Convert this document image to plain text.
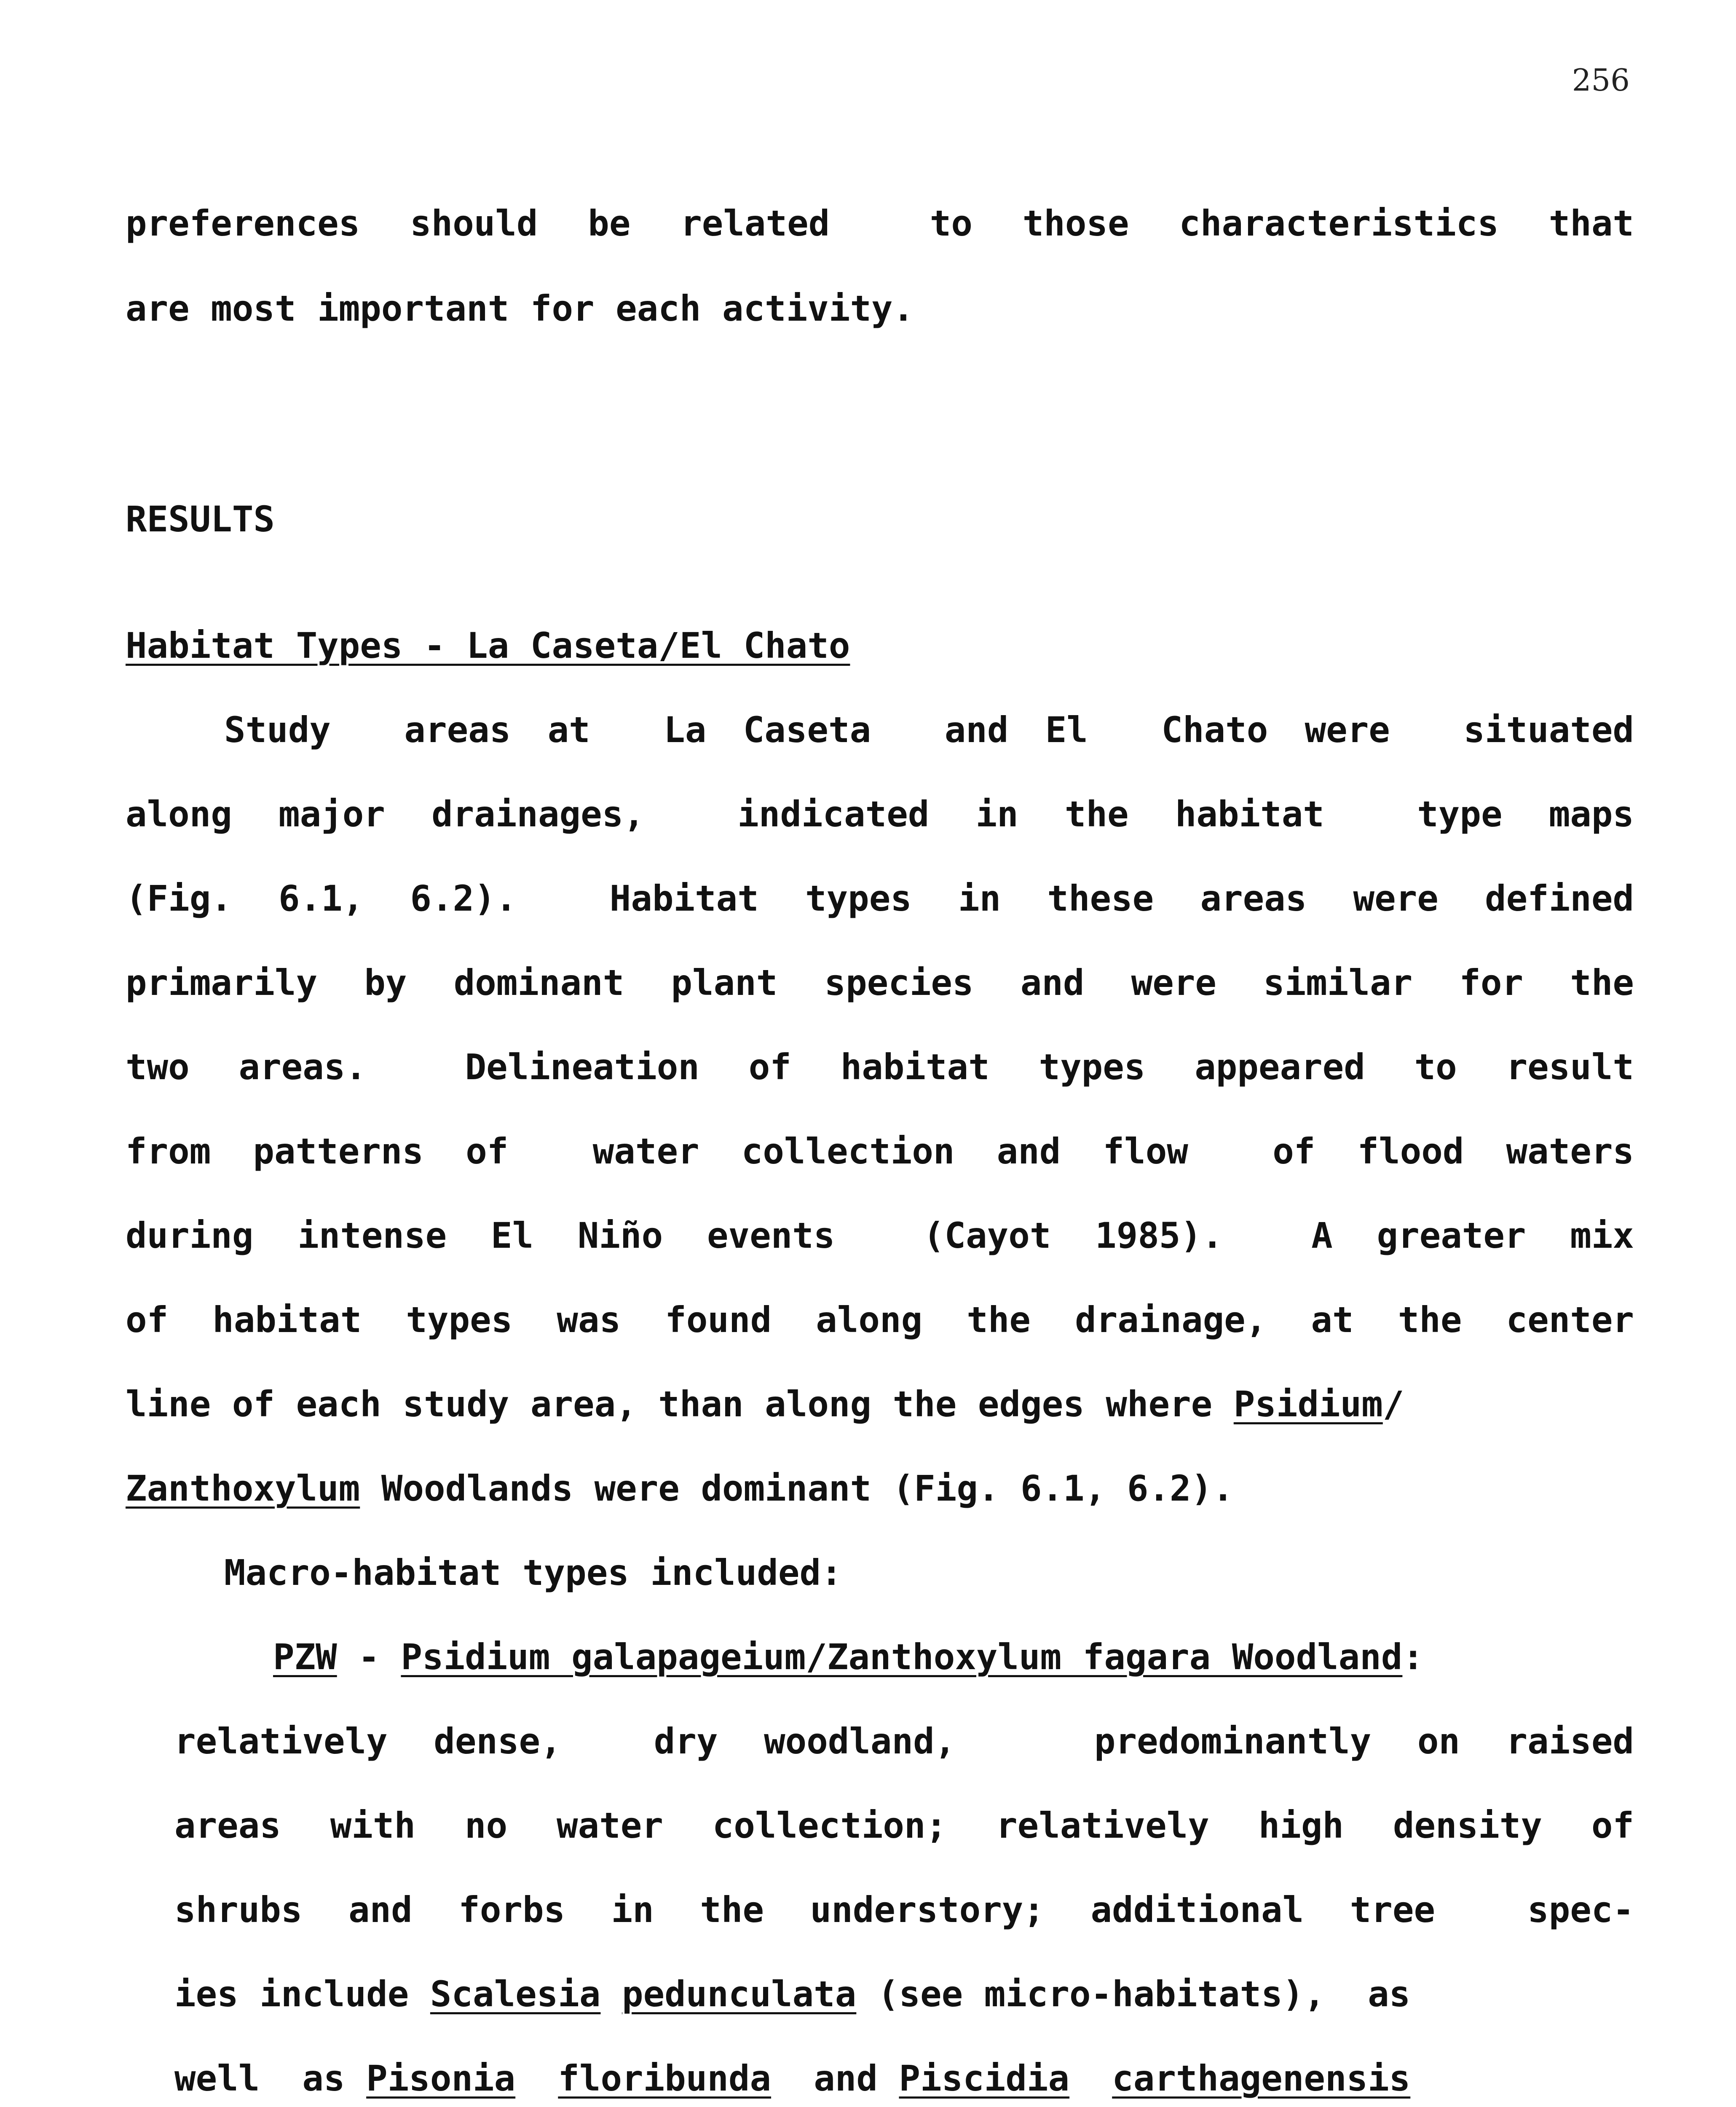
256
preferences should be related  to those characteristics that
are most important for each activity.
RESULTS
Habitat Types - La Caseta/El Chato
Study  areas at  La Caseta  and El  Chato were  situated
along major drainages,  indicated in the habitat  type maps
(Fig. 6.1, 6.2).  Habitat types in these areas were defined
primarily by dominant plant species and were similar for the
two areas.  Delineation of habitat types appeared to result
from patterns of  water collection and flow  of flood waters
during intense El Niño events  (Cayot 1985).  A greater mix
of habitat types was found along the drainage, at the center
line of each study area, than along the edges where Psidium/
Zanthoxylum Woodlands were dominant (Fig. 6.1, 6.2).
Macro-habitat types included:
PZW - Psidium galapageium/Zanthoxylum fagara Woodland:
relatively dense,  dry woodland,   predominantly on raised
areas with no water collection; relatively high density of
shrubs and forbs in the understory; additional tree  spec-
ies include Scalesia pedunculata (see micro-habitats),  as
well  as Pisonia floribunda  and Piscidia carthagenensis
